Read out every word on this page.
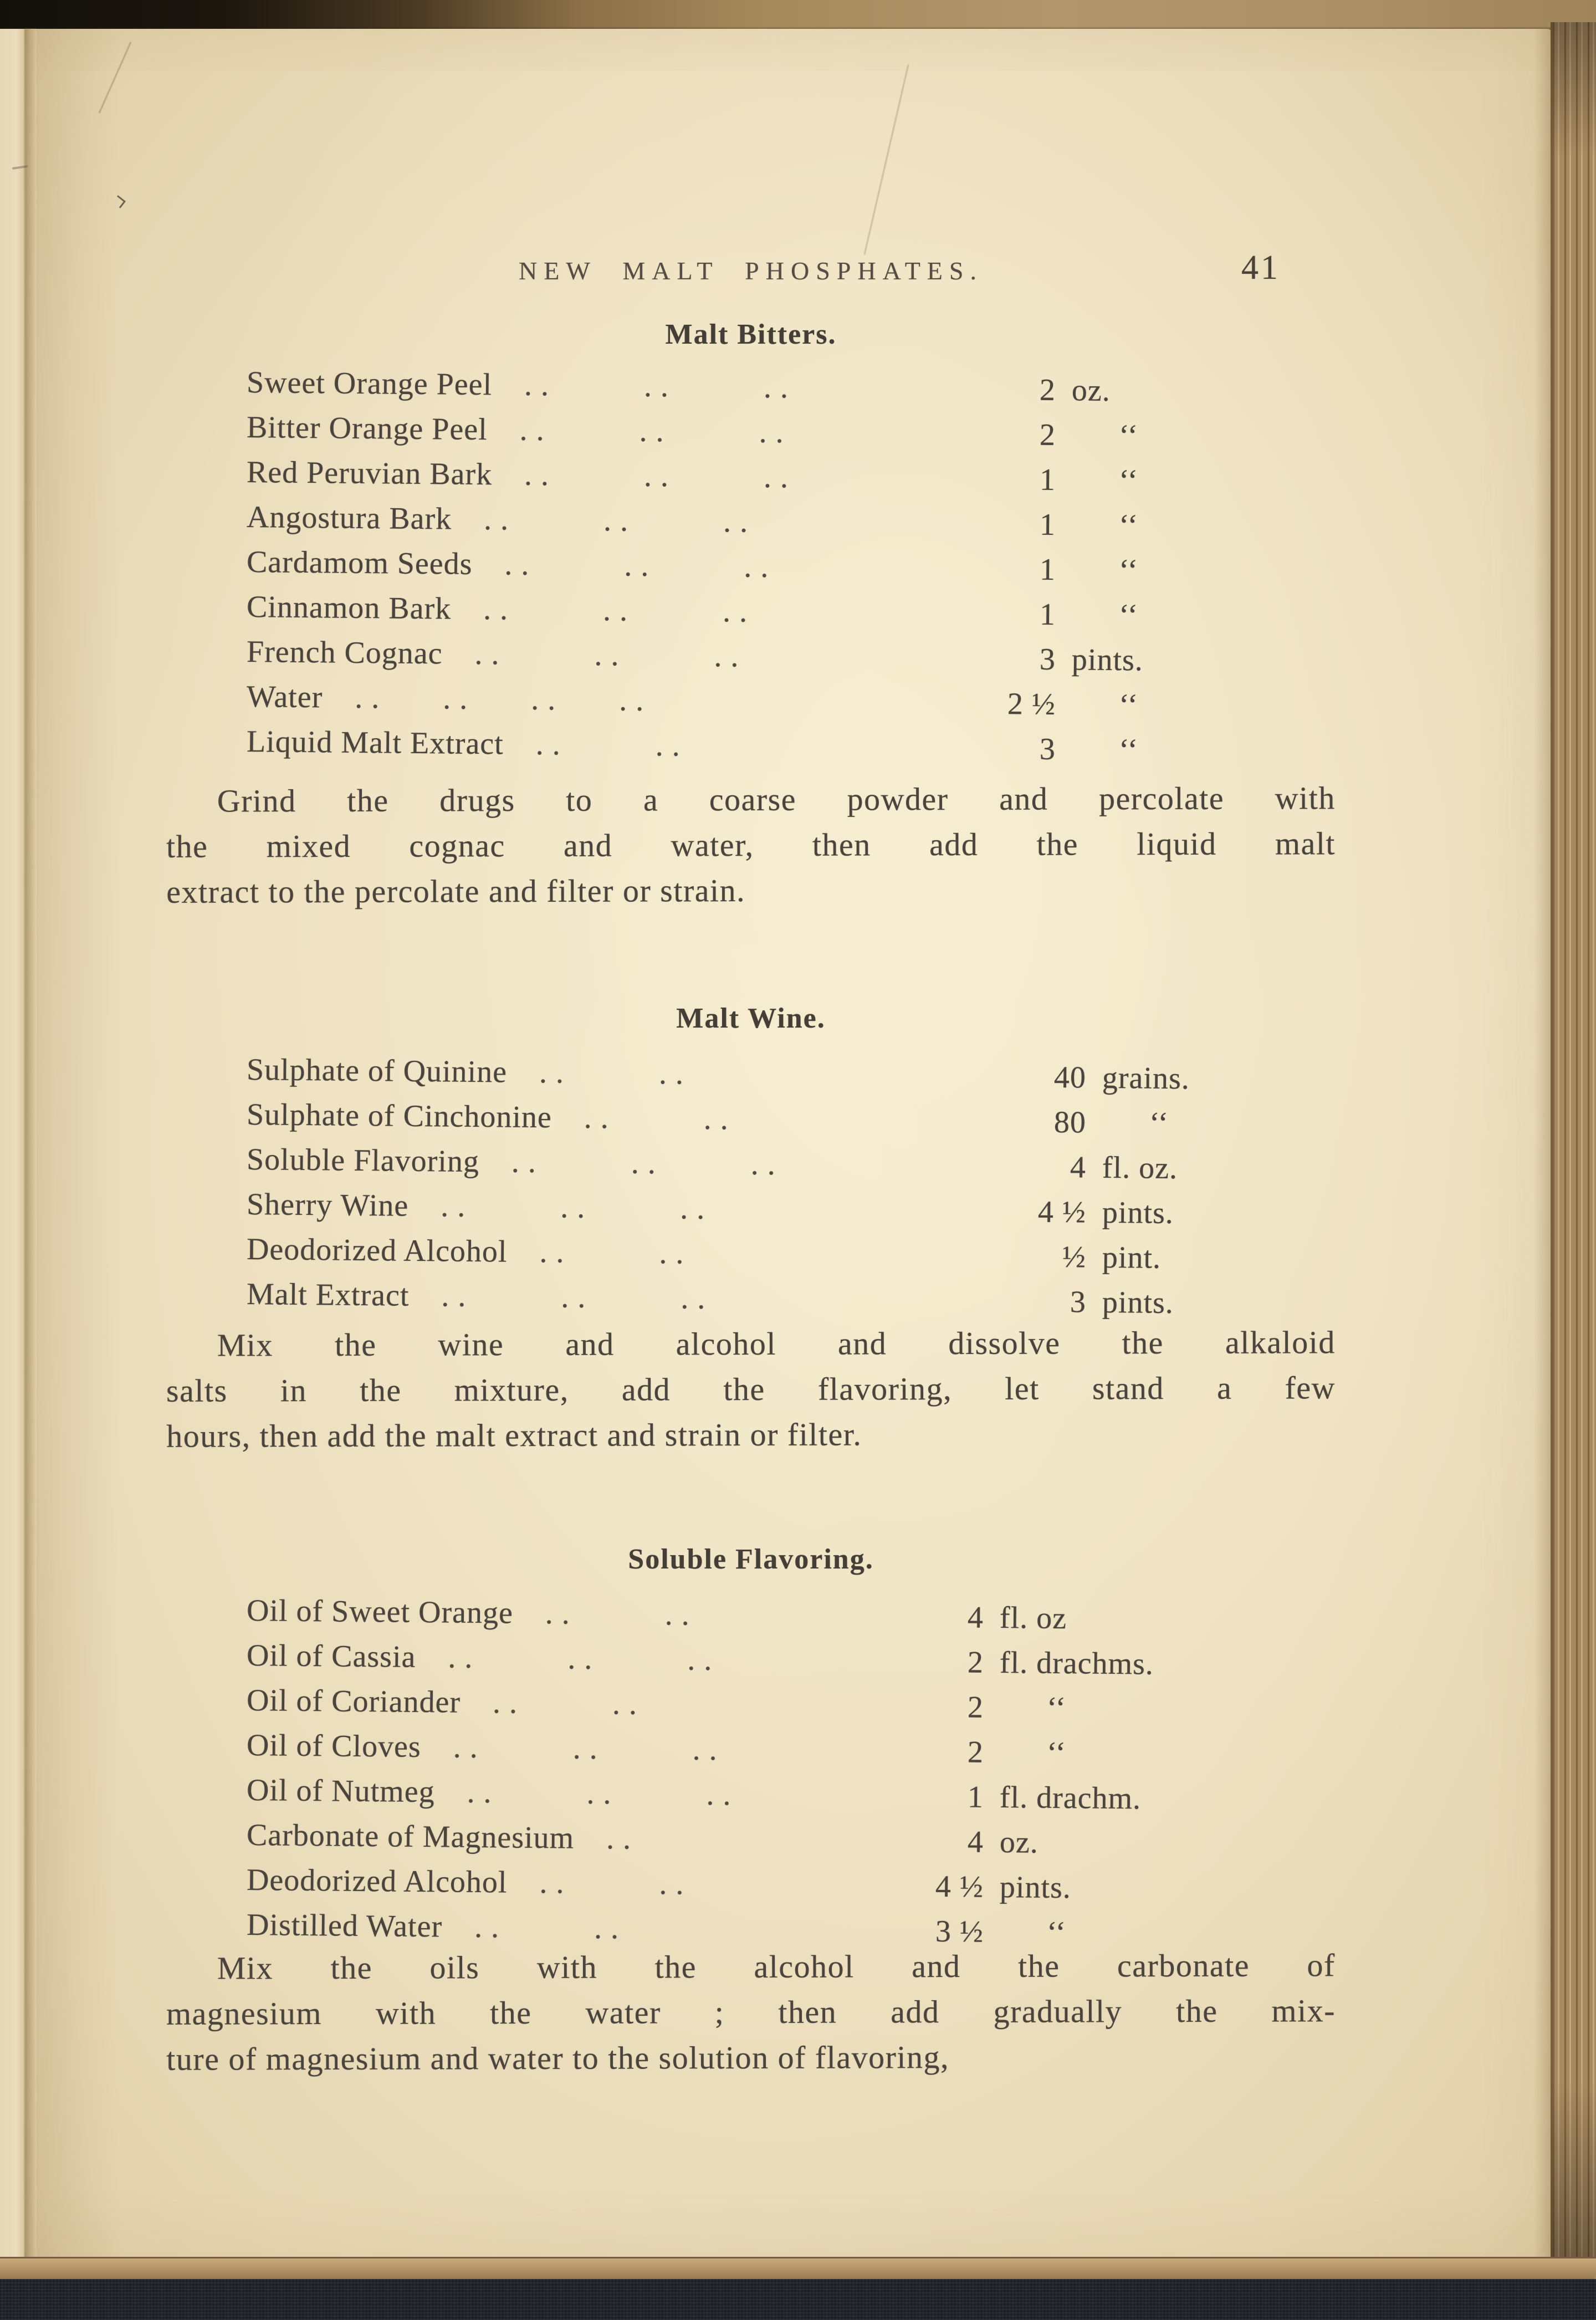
NEW MALT PHOSPHATES.	41
Malt Bitters.
Sweet Orange Peel	. .   . .   . .	2  oz.
Bitter Orange Peel	. .   . .   . .	2   ‘‘
Red Peruvian Bark	. .   . .   . .	1   ‘‘
Angostura Bark	. .   . .   . .	1   ‘‘
Cardamom Seeds	. .   . .   . .	1   ‘‘
Cinnamon Bark	. .   . .   . .	1   ‘‘
French Cognac	. .   . .   . .	3  pints.
Water	. .  . .  . .  . .	2 ½   ‘‘
Liquid Malt Extract	. .   . .	3   ‘‘
Grind the drugs to a coarse powder and percolate with
the mixed cognac and water, then add the liquid malt
extract to the percolate and filter or strain.
Malt Wine.
Sulphate of Quinine	. .   . .	40  grains.
Sulphate of Cinchonine	. .   . .	80   ‘‘
Soluble Flavoring	. .   . .   . .	4  fl. oz.
Sherry Wine	. .   . .   . .	4 ½  pints.
Deodorized Alcohol	. .   . .	½  pint.
Malt Extract	. .   . .   . .	3  pints.
Mix the wine and alcohol and dissolve the alkaloid
salts in the mixture, add the flavoring, let stand a few
hours, then add the malt extract and strain or filter.
Soluble Flavoring.
Oil of Sweet Orange	. .   . .	4  fl. oz
Oil of Cassia	. .   . .   . .	2  fl. drachms.
Oil of Coriander	. .   . .	2   ‘‘
Oil of Cloves	. .   . .   . .	2   ‘‘
Oil of Nutmeg	. .   . .   . .	1  fl. drachm.
Carbonate of Magnesium	. .	4  oz.
Deodorized Alcohol	. .   . .	4 ½  pints.
Distilled Water	. .   . .	3 ½   ‘‘
Mix the oils with the alcohol and the carbonate of
magnesium with the water ; then add gradually the mix-
ture of magnesium and water to the solution of flavoring,
